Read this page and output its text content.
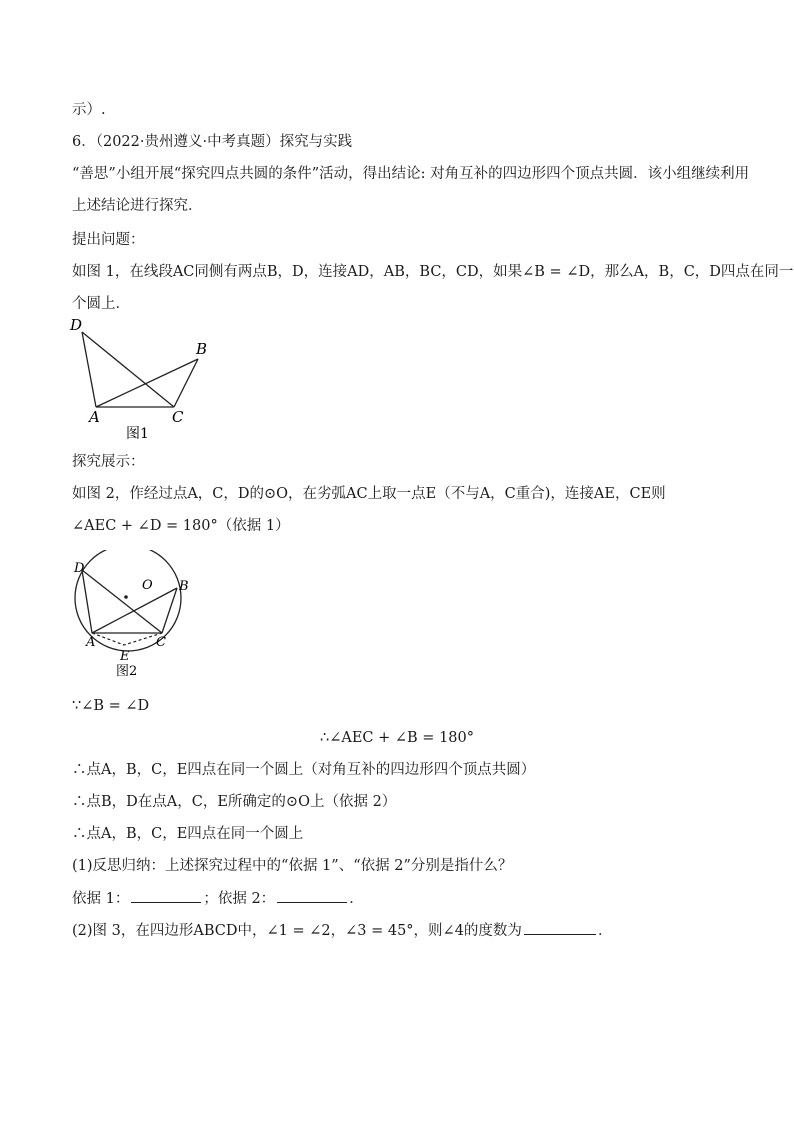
示）.
6．（2022·贵州遵义·中考真题）探究与实践
“善思”小组开展“探究四点共圆的条件”活动，得出结论: 对角互补的四边形四个顶点共圆．该小组继续利用
上述结论进行探究．
提出问题：
如图 1，在线段AC同侧有两点B，D，连接AD，AB，BC，CD，如果∠B = ∠D，那么A，B，C，D四点在同一
个圆上．
D
B
A	C
图1
探究展示：
如图 2，作经过点A，C，D的⊙O，在劣弧AC上取一点E（不与A，C重合)，连接AE，CE则
∠AEC + ∠D = 180°（依据 1）
D
O B
A	C
E
图2
∵∠B = ∠D
∴∠AEC + ∠B = 180°
∴点A，B，C，E四点在同一个圆上（对角互补的四边形四个顶点共圆）
∴点B，D在点A，C，E所确定的⊙O上（依据 2）
∴点A，B，C，E四点在同一个圆上
(1)反思归纳：上述探究过程中的“依据 1”、“依据 2”分别是指什么？
依据 1：	；依据 2：	．
(2)图 3，在四边形ABCD中，∠1 = ∠2，∠3 = 45°，则∠4的度数为	．
